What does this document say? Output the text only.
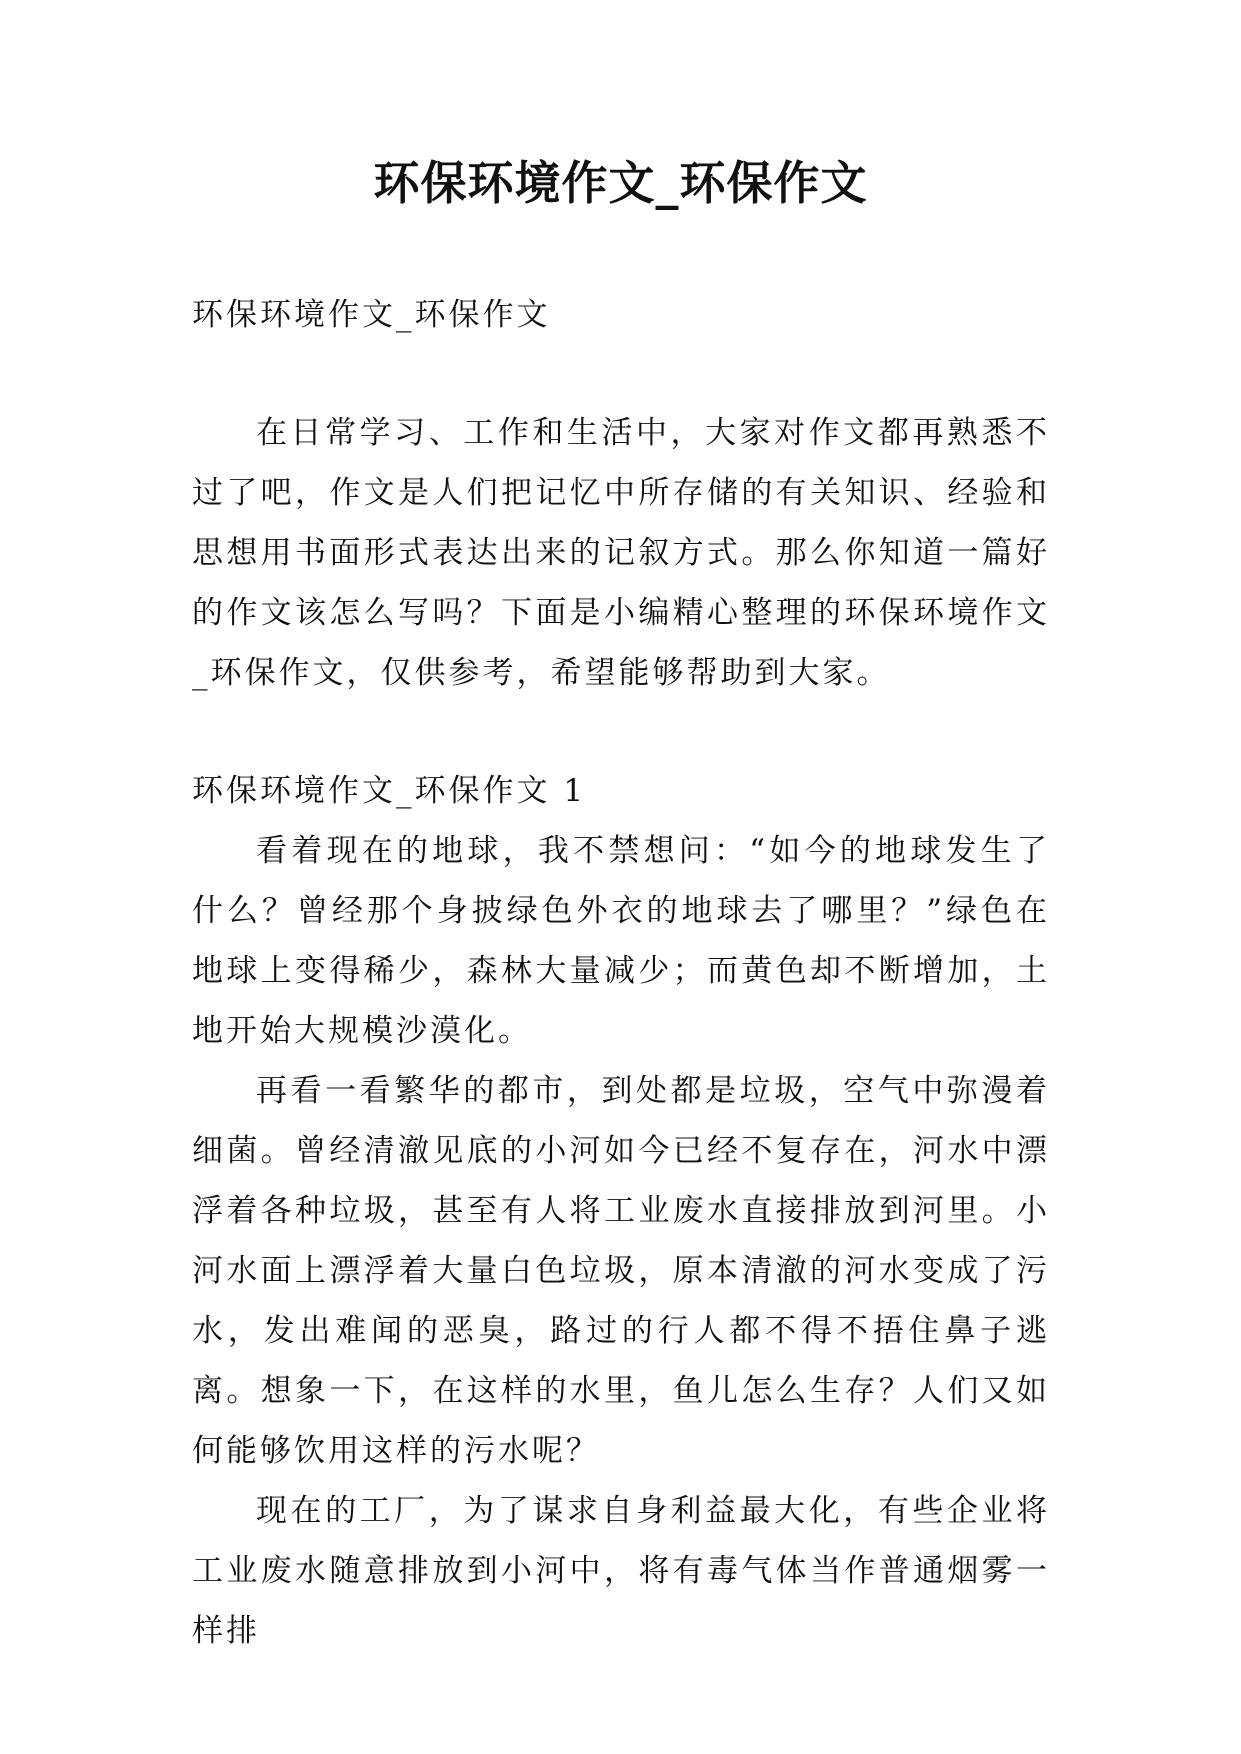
环保环境作文_环保作文

环保环境作文_环保作文

在日常学习、工作和生活中，大家对作文都再熟悉不过了吧，作文是人们把记忆中所存储的有关知识、经验和思想用书面形式表达出来的记叙方式。那么你知道一篇好的作文该怎么写吗？下面是小编精心整理的环保环境作文_环保作文，仅供参考，希望能够帮助到大家。

环保环境作文_环保作文 1

看着现在的地球，我不禁想问：“如今的地球发生了什么？曾经那个身披绿色外衣的地球去了哪里？”绿色在地球上变得稀少，森林大量减少；而黄色却不断增加，土地开始大规模沙漠化。

再看一看繁华的都市，到处都是垃圾，空气中弥漫着细菌。曾经清澈见底的小河如今已经不复存在，河水中漂浮着各种垃圾，甚至有人将工业废水直接排放到河里。小河水面上漂浮着大量白色垃圾，原本清澈的河水变成了污水，发出难闻的恶臭，路过的行人都不得不捂住鼻子逃离。想象一下，在这样的水里，鱼儿怎么生存？人们又如何能够饮用这样的污水呢？

现在的工厂，为了谋求自身利益最大化，有些企业将工业废水随意排放到小河中，将有毒气体当作普通烟雾一样排
